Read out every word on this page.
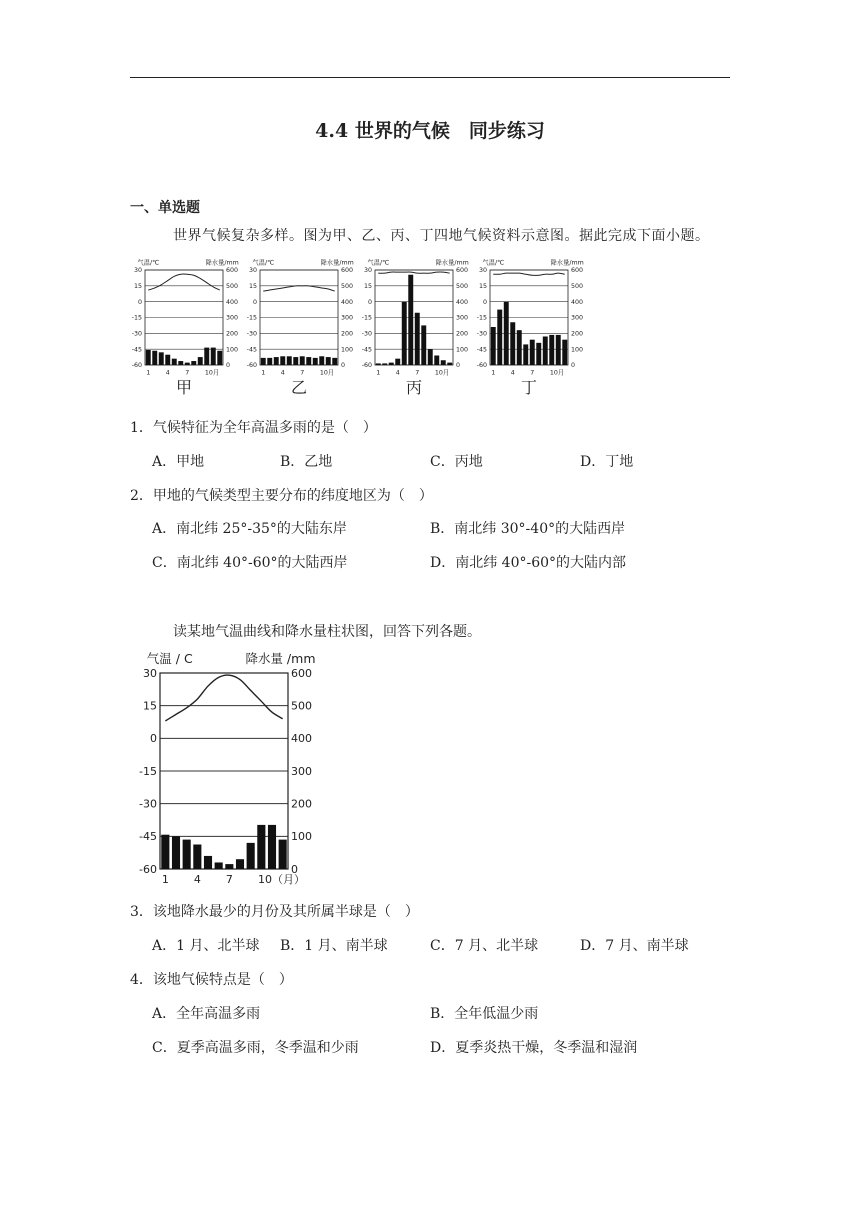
4.4 世界的气候　同步练习
一、单选题
世界气候复杂多样。图为甲、乙、丙、丁四地气候资料示意图。据此完成下面小题。
30
15
0
-15
-30
-45
-60
600
500
400
300
200
100
0
1 4 7 10月
气温/℃	降水量/mm
甲
30
15
0
-15
-30
-45
-60
600
500
400
300
200
100
0
1 4 7 10月
气温/℃	降水量/mm
乙
30
15
0
-15
-30
-45
-60
600
500
400
300
200
100
0
1 4 7 10月
气温/℃	降水量/mm
丙
30
15
0
-15
-30
-45
-60
600
500
400
300
200
100
0
1 4 7 10月
气温/℃	降水量/mm
丁
1．气候特征为全年高温多雨的是（　）
A．甲地	B．乙地	C．丙地	D．丁地
2．甲地的气候类型主要分布的纬度地区为（　）
A．南北纬 25°-35°的大陆东岸	B．南北纬 30°-40°的大陆西岸
C．南北纬 40°-60°的大陆西岸	D．南北纬 40°-60°的大陆内部
读某地气温曲线和降水量柱状图，回答下列各题。
30
15
0
-15
-30
-45
-60
600
500
400
300
200
100
0
1 4 7 10（月）
气温 / C	降水量 /mm
3．该地降水最少的月份及其所属半球是（　）
A．1 月、北半球 B．1 月、南半球	C．7 月、北半球	D．7 月、南半球
4．该地气候特点是（　）
A．全年高温多雨	B．全年低温少雨
C．夏季高温多雨，冬季温和少雨	D．夏季炎热干燥，冬季温和湿润
